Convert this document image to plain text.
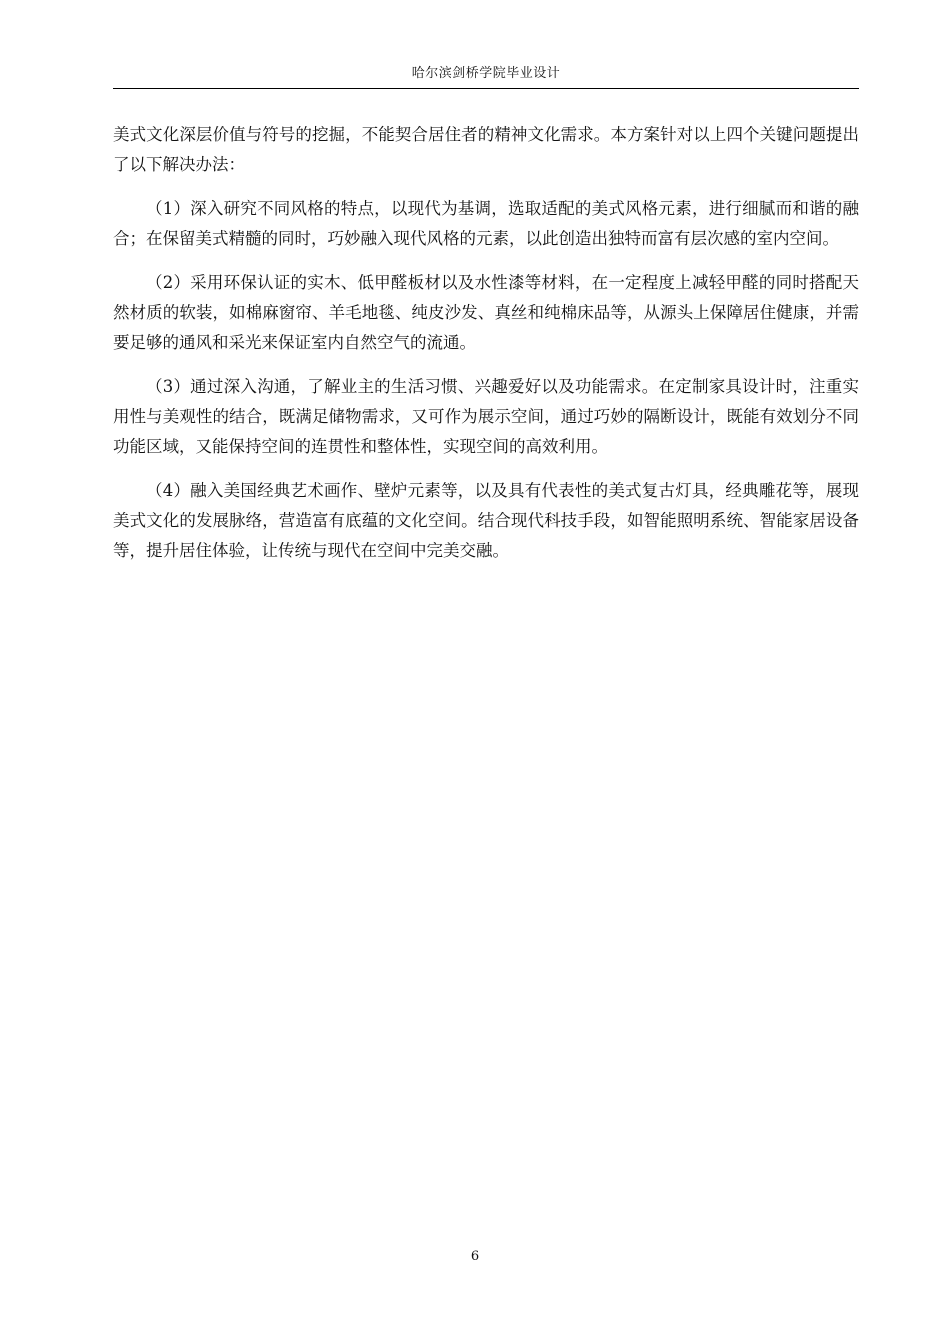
哈尔滨剑桥学院毕业设计

美式文化深层价值与符号的挖掘，不能契合居住者的精神文化需求。本方案针对以上四个关键问题提出了以下解决办法：

（1）深入研究不同风格的特点，以现代为基调，选取适配的美式风格元素，进行细腻而和谐的融合；在保留美式精髓的同时，巧妙融入现代风格的元素，以此创造出独特而富有层次感的室内空间。

（2）采用环保认证的实木、低甲醛板材以及水性漆等材料，在一定程度上减轻甲醛的同时搭配天然材质的软装，如棉麻窗帘、羊毛地毯、纯皮沙发、真丝和纯棉床品等，从源头上保障居住健康，并需要足够的通风和采光来保证室内自然空气的流通。

（3）通过深入沟通，了解业主的生活习惯、兴趣爱好以及功能需求。在定制家具设计时，注重实用性与美观性的结合，既满足储物需求，又可作为展示空间，通过巧妙的隔断设计，既能有效划分不同功能区域，又能保持空间的连贯性和整体性，实现空间的高效利用。

（4）融入美国经典艺术画作、壁炉元素等，以及具有代表性的美式复古灯具，经典雕花等，展现美式文化的发展脉络，营造富有底蕴的文化空间。结合现代科技手段，如智能照明系统、智能家居设备等，提升居住体验，让传统与现代在空间中完美交融。

6
